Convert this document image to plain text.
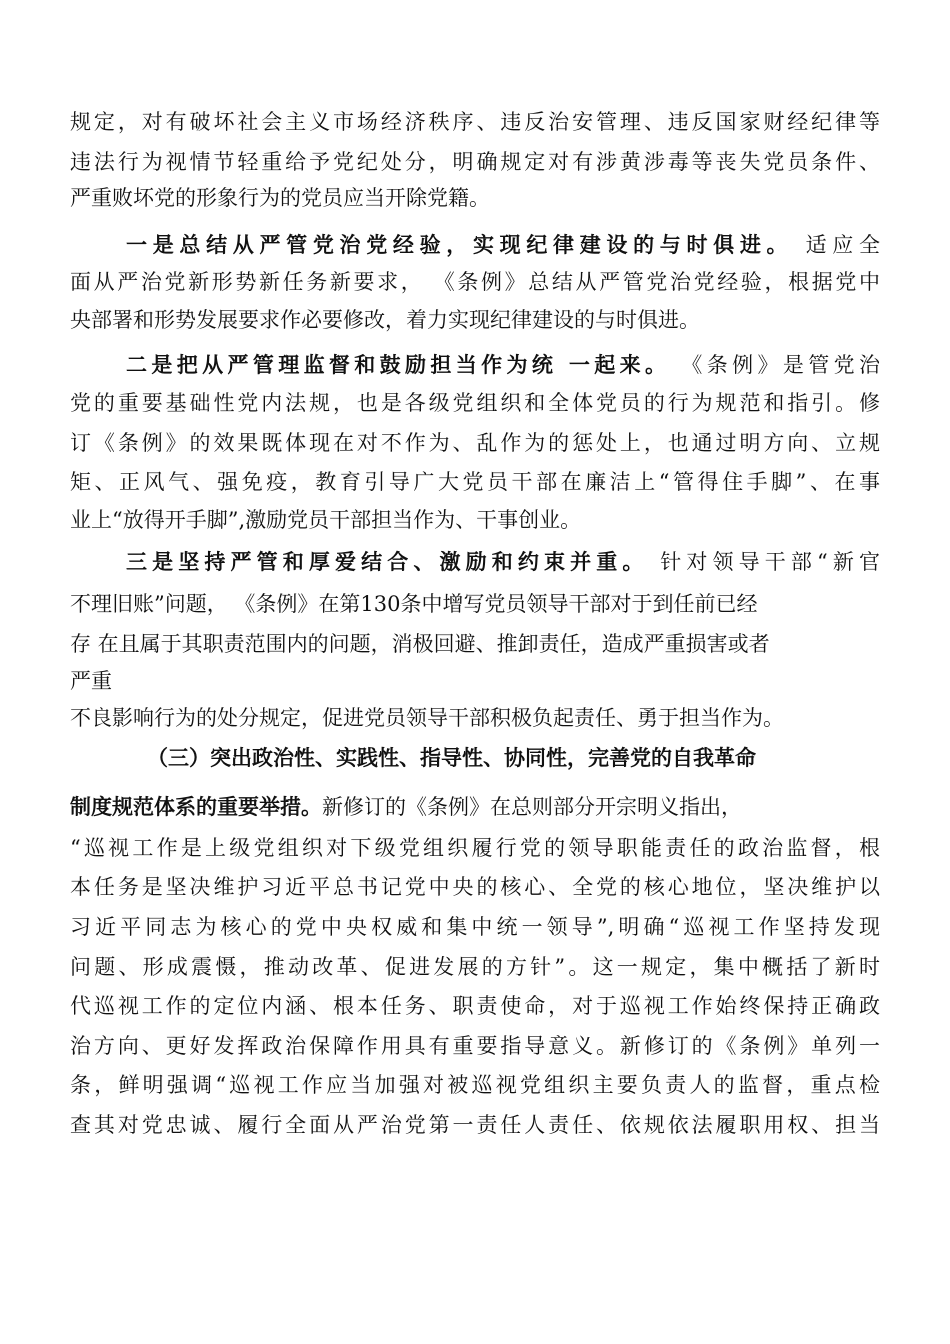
规定，对有破坏社会主义市场经济秩序、违反治安管理、违反国家财经纪律等
违法行为视情节轻重给予党纪处分，明确规定对有涉黄涉毒等丧失党员条件、
严重败坏党的形象行为的党员应当开除党籍。
一是总结从严管党治党经验，实现纪律建设的与时俱进。 适应全
面从严治党新形势新任务新要求， 《条例》总结从严管党治党经验，根据党中
央部署和形势发展要求作必要修改，着力实现纪律建设的与时俱进。
二是把从严管理监督和鼓励担当作为统 一起来。 《条例》是管党治
党的重要基础性党内法规，也是各级党组织和全体党员的行为规范和指引。修
订《条例》的效果既体现在对不作为、乱作为的惩处上，也通过明方向、立规
矩、正风气、强免疫，教育引导广大党员干部在廉洁上“管得住手脚”、在事
业上“放得开手脚”,激励党员干部担当作为、干事创业。
三是坚持严管和厚爱结合、激励和约束并重。 针对领导干部“新官
不理旧账”问题， 《条例》在第130条中增写党员领导干部对于到任前已经
存 在且属于其职责范围内的问题，消极回避、推卸责任，造成严重损害或者
严重
不良影响行为的处分规定，促进党员领导干部积极负起责任、勇于担当作为。
（三）突出政治性、实践性、指导性、协同性，完善党的自我革命
制度规范体系的重要举措。新修订的《条例》在总则部分开宗明义指出，
“巡视工作是上级党组织对下级党组织履行党的领导职能责任的政治监督，根
本任务是坚决维护习近平总书记党中央的核心、全党的核心地位，坚决维护以
习近平同志为核心的党中央权威和集中统一领导”,明确“巡视工作坚持发现
问题、形成震慑，推动改革、促进发展的方针”。这一规定，集中概括了新时
代巡视工作的定位内涵、根本任务、职责使命，对于巡视工作始终保持正确政
治方向、更好发挥政治保障作用具有重要指导意义。新修订的《条例》单列一
条，鲜明强调“巡视工作应当加强对被巡视党组织主要负责人的监督，重点检
查其对党忠诚、履行全面从严治党第一责任人责任、依规依法履职用权、担当
